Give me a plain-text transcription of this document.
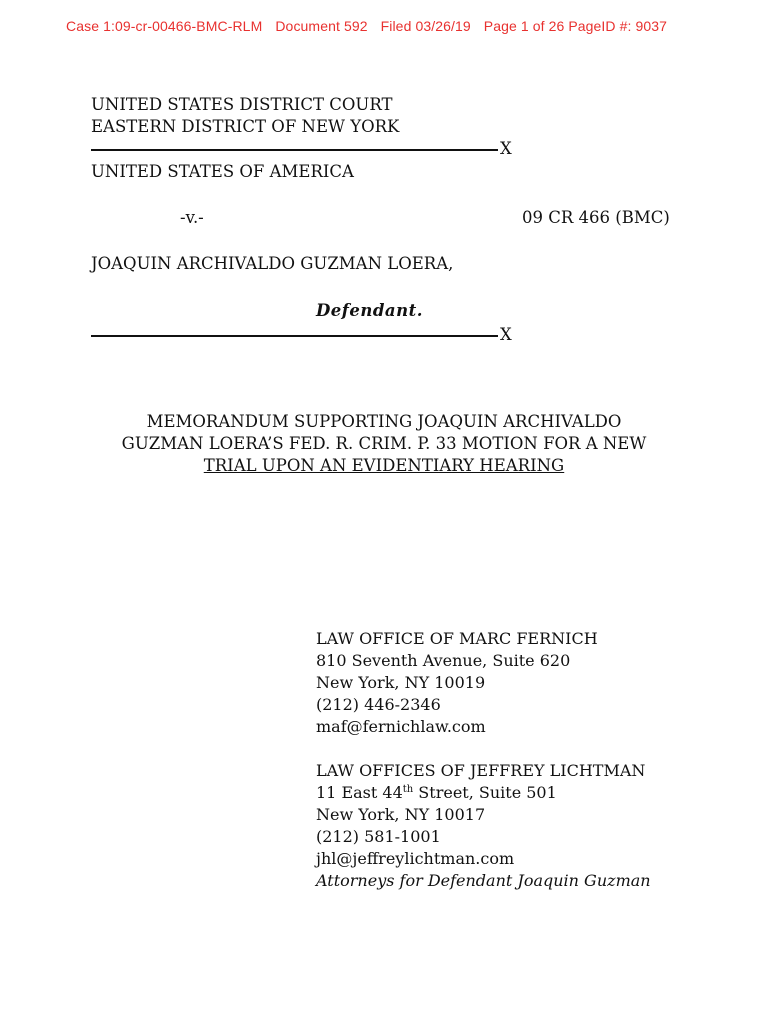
Case 1:09-cr-00466-BMC-RLM Document 592 Filed 03/26/19 Page 1 of 26 PageID #: 9037
UNITED STATES DISTRICT COURT
EASTERN DISTRICT OF NEW YORK
X
UNITED STATES OF AMERICA
-v.-	09 CR 466 (BMC)
JOAQUIN ARCHIVALDO GUZMAN LOERA,
Defendant.
X
MEMORANDUM SUPPORTING JOAQUIN ARCHIVALDO
GUZMAN LOERA’S FED. R. CRIM. P. 33 MOTION FOR A NEW
TRIAL UPON AN EVIDENTIARY HEARING
LAW OFFICE OF MARC FERNICH
810 Seventh Avenue, Suite 620
New York, NY 10019
(212) 446-2346
maf@fernichlaw.com
LAW OFFICES OF JEFFREY LICHTMAN
11 East 44th Street, Suite 501
New York, NY 10017
(212) 581-1001
jhl@jeffreylichtman.com
Attorneys for Defendant Joaquin Guzman
